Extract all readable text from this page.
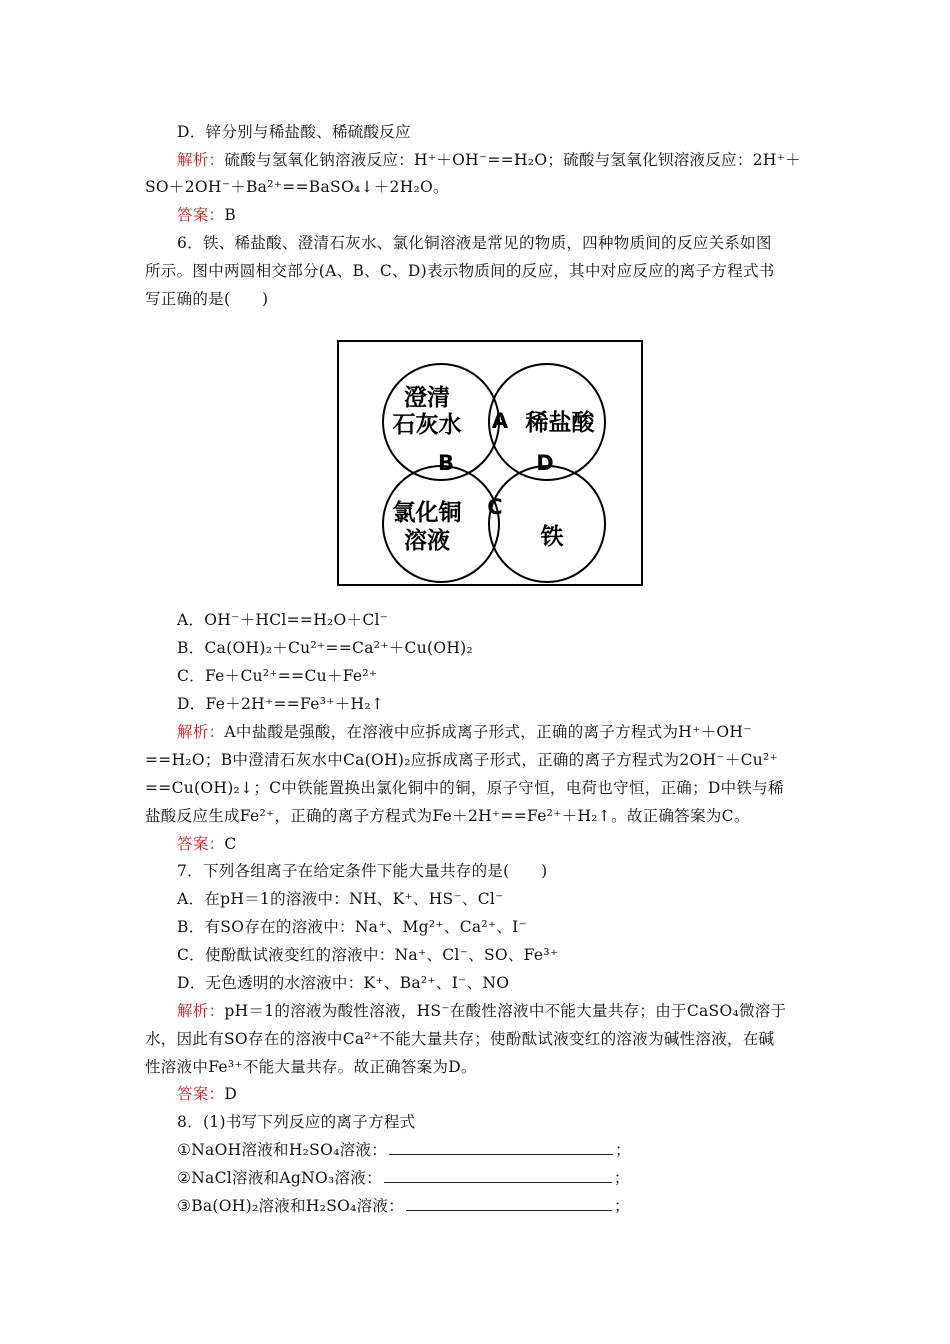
D．锌分别与稀盐酸、稀硫酸反应
解析：硫酸与氢氧化钠溶液反应：H⁺＋OH⁻==H₂O；硫酸与氢氧化钡溶液反应：2H⁺＋
SO＋2OH⁻＋Ba²⁺==BaSO₄↓＋2H₂O。
答案：B
6．铁、稀盐酸、澄清石灰水、氯化铜溶液是常见的物质，四种物质间的反应关系如图
所示。图中两圆相交部分(A、B、C、D)表示物质间的反应，其中对应反应的离子方程式书
写正确的是(　　)
澄清
石灰水	稀盐酸
氯化铜
溶液	铁
A
B
C
D
A．OH⁻＋HCl==H₂O＋Cl⁻
B．Ca(OH)₂＋Cu²⁺==Ca²⁺＋Cu(OH)₂
C．Fe＋Cu²⁺==Cu＋Fe²⁺
D．Fe＋2H⁺==Fe³⁺＋H₂↑
解析：A中盐酸是强酸，在溶液中应拆成离子形式，正确的离子方程式为H⁺＋OH⁻
==H₂O；B中澄清石灰水中Ca(OH)₂应拆成离子形式，正确的离子方程式为2OH⁻＋Cu²⁺
==Cu(OH)₂↓；C中铁能置换出氯化铜中的铜，原子守恒，电荷也守恒，正确；D中铁与稀
盐酸反应生成Fe²⁺，正确的离子方程式为Fe＋2H⁺==Fe²⁺＋H₂↑。故正确答案为C。
答案：C
7．下列各组离子在给定条件下能大量共存的是(　　)
A．在pH＝1的溶液中：NH、K⁺、HS⁻、Cl⁻
B．有SO存在的溶液中：Na⁺、Mg²⁺、Ca²⁺、I⁻
C．使酚酞试液变红的溶液中：Na⁺、Cl⁻、SO、Fe³⁺
D．无色透明的水溶液中：K⁺、Ba²⁺、I⁻、NO
解析：pH＝1的溶液为酸性溶液，HS⁻在酸性溶液中不能大量共存；由于CaSO₄微溶于
水，因此有SO存在的溶液中Ca²⁺不能大量共存；使酚酞试液变红的溶液为碱性溶液，在碱
性溶液中Fe³⁺不能大量共存。故正确答案为D。
答案：D
8．(1)书写下列反应的离子方程式
①NaOH溶液和H₂SO₄溶液：	；
②NaCl溶液和AgNO₃溶液：	；
③Ba(OH)₂溶液和H₂SO₄溶液：	；
